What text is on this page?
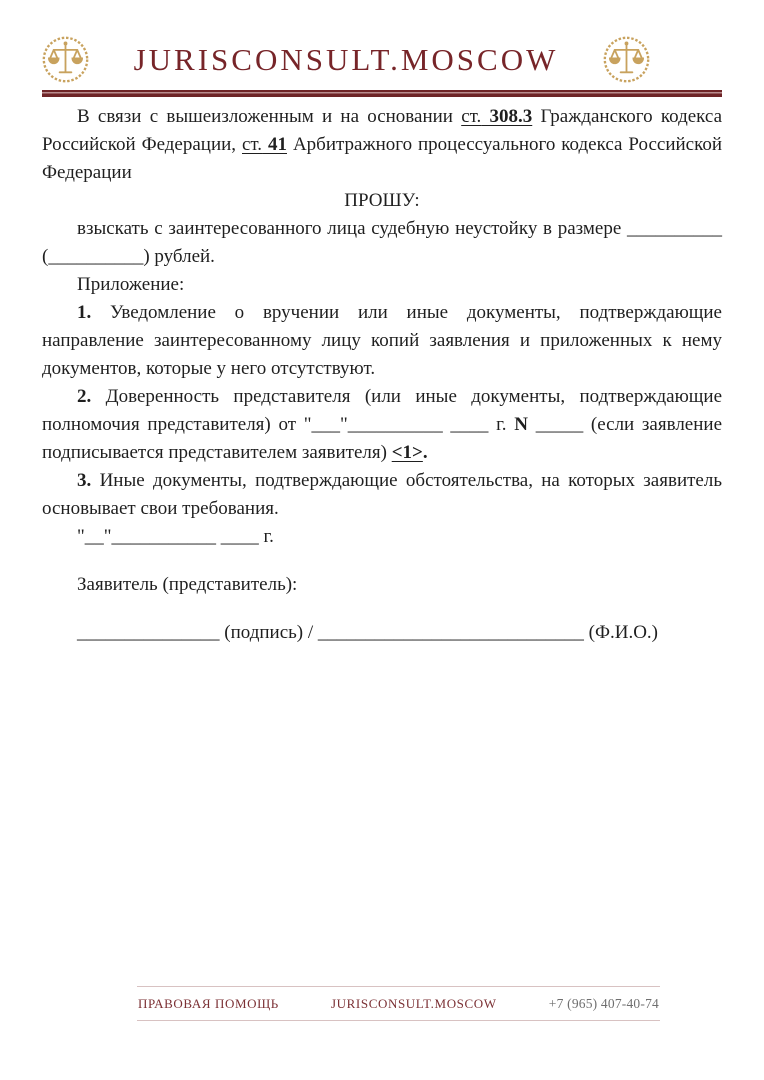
JURISCONSULT.MOSCOW

В связи с вышеизложенным и на основании ст. 308.3 Гражданского кодекса Российской Федерации, ст. 41 Арбитражного процессуального кодекса Российской Федерации

ПРОШУ:

взыскать с заинтересованного лица судебную неустойку в размере __________ (__________) рублей.

Приложение:

1. Уведомление о вручении или иные документы, подтверждающие направление заинтересованному лицу копий заявления и приложенных к нему документов, которые у него отсутствуют.

2. Доверенность представителя (или иные документы, подтверждающие полномочия представителя) от "___"__________ ____ г. N _____ (если заявление подписывается представителем заявителя) <1>.

3. Иные документы, подтверждающие обстоятельства, на которых заявитель основывает свои требования.

"__"___________ ____ г.

Заявитель (представитель):

_______________ (подпись) / ____________________________ (Ф.И.О.)

ПРАВОВАЯ ПОМОЩЬ	JURISCONSULT.MOSCOW	+7 (965) 407-40-74
